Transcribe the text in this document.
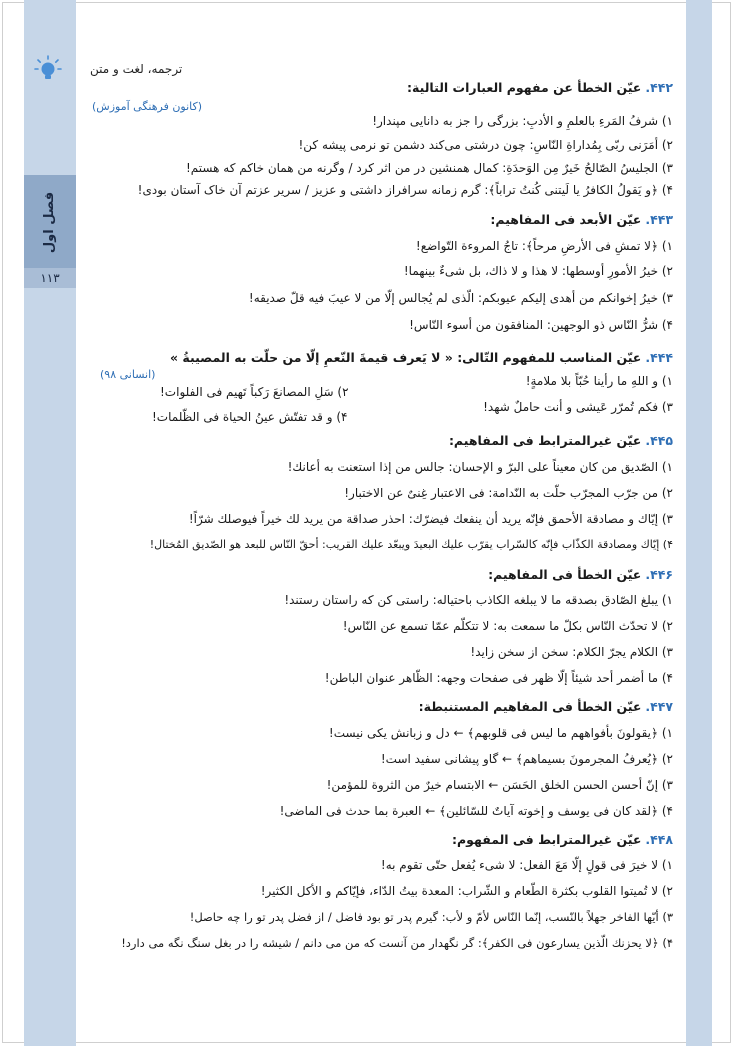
فصل اول
۱۱۳
ترجمه، لغت و متن
۴۴۲.عيّن الخطأ عن مفهوم العبارات التالية:
(کانون فرهنگی آموزش)
۱) شرفُ المَرءِ بالعلمِ و الأدبِ: بزرگی را جز به دانایی مپندار!
۲) أمَرَنی ربّی بِمُداراةِ النّاسِ: چون درشتی می‌کند دشمن تو نرمی پیشه کن!
۳) الجليسُ الصّالحُ خَيرٌ مِن الوَحدَةِ: کمال همنشین در من اثر کرد / وگرنه من همان خاکم که هستم!
۴) ﴿و يَقولُ الكافرُ يا لَيتنی كُنتُ تراباً﴾: گرم زمانه سرافراز داشتی و عزیز / سریر عزتم آن خاک آستان بودی!
۴۴۳.عيّن الأبعد فی المفاهيم:
۱) ﴿لا تمشِ فی الأرضِ مرحاً﴾: تاجُ المروءة التّواضع!
۲) خيرُ الأمورِ أوسطها: لا هذا و لا ذاك، بل شیءٌ بينهما!
۳) خيرُ إخوانكم من أهدى إليكم عيوبكم: الّذی لم يُجالس إلّا من لا عيبَ فيه قلّ صديقه!
۴) شرُّ النّاس ذو الوجهين: المنافقون من أسوء النّاس!
۴۴۴.عيّن المناسب للمفهوم التّالی: « لا يَعرف قيمةَ النّعمِ إلّا من حلّت به المصيبةُ »
(انسانی ۹۸)	۱) و اللهِ ما رأينا حُبّاً بلا ملامةٍ!
۲) سَلِ المصانعَ رَكباً تَهيم فی الفلوات!
۳) فكم تُمرّر عَيشی و أنت حاملٌ شهد!
۴) و قد تفتّش عينُ الحياة فی الظّلمات!
۴۴۵.عيّن غيرالمترابط فی المفاهيم:
۱) الصّديق من كان معيناً على البرّ و الإحسان: جالس من إذا استعنت به أعانك!
۲) من جرّب المجرّب حلّت به النّدامة: فی الاعتبار غِنیٌ عن الاختبار!
۳) إيّاك و مصادقة الأحمق فإنّه يريد أن ينفعك فيضرّك: احذر صداقة من يريد لك خيراً فيوصلك شرّاً!
۴) إيّاك ومصادقة الكذّاب فإنّه كالسّراب يقرّب عليك البعيدَ ويبعّد عليك القريب: أحقّ النّاس للبعد هو الصّديق المُختال!
۴۴۶.عيّن الخطأ فی المفاهيم:
۱) يبلغ الصّادق بصدقه ما لا يبلغه الكاذب باحتياله: راستی کن که راستان رستند!
۲) لا تحدّث النّاس بكلّ ما سمعت به: لا تتكلّم عمّا تسمع عن النّاس!
۳) الكلام يجرّ الكلام: سخن از سخن زاید!
۴) ما أضمر أحد شيئاً إلّا ظهر فی صفحات وجهه: الظّاهر عنوان الباطن!
۴۴۷.عيّن الخطأ فی المفاهيم المستنبطة:
۱) ﴿يقولونَ بأفواههم ما ليس فی قلوبهم﴾ ← دل و زبانش یکی نیست!
۲) ﴿يُعرفُ المجرمونَ بسيماهم﴾ ← گاو پیشانی سفید است!
۳) إنّ أحسن الحسن الخلق الحَسَن ← الابتسام خيرٌ من الثروة للمؤمن!
۴) ﴿لقد كان فی يوسف و إخوته آياتٌ للسّائلين﴾ ← العبرة بما حدث فی الماضی!
۴۴۸.عيّن غيرالمترابط فی المفهوم:
۱) لا خيرَ فی قولٍ إلّا مَعَ الفعل: لا شیء يُفعل حتّى تقوم به!
۲) لا تُميتوا القلوب بكثرة الطّعام و الشّراب: المعدة بيتُ الدّاء، فإيّاكم و الأكل الكثير!
۳) أيّها الفاخر جهلاً بالنّسب، إنّما النّاس لأمّ و لأب: گیرم پدر تو بود فاضل / از فضل پدر تو را چه حاصل!
۴) ﴿لا يحزنك الّذين يسارعون فی الكفر﴾: گر نگهدار من آنست که من می دانم / شیشه را در بغل سنگ نگه می دارد!
